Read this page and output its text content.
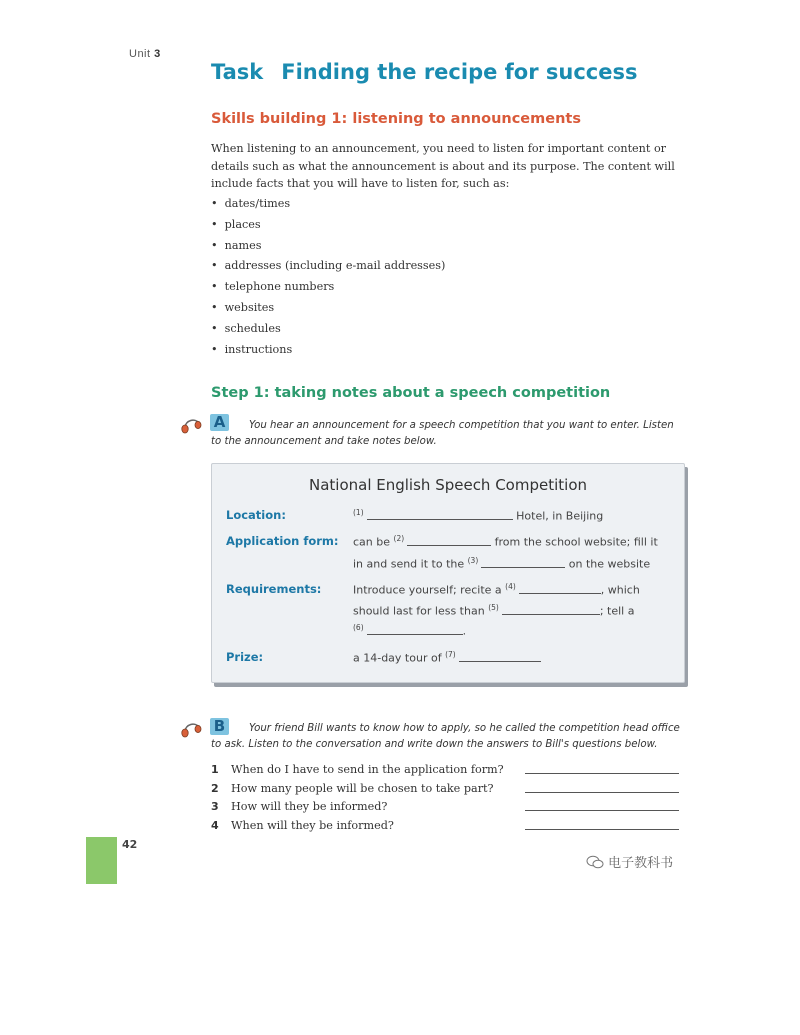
Unit 3
Task Finding the recipe for success
Skills building 1: listening to announcements
When listening to an announcement, you need to listen for important content or details such as what the announcement is about and its purpose. The content will include facts that you will have to listen for, such as:
• dates/times
• places
• names
• addresses (including e-mail addresses)
• telephone numbers
• websites
• schedules
• instructions
Step 1: taking notes about a speech competition
A	You hear an announcement for a speech competition that you want to enter. Listen to the announcement and take notes below.
National English Speech Competition
Location:	$^{(1)}$	Hotel, in Beijing
Application form: can be $^{(2)}$	from the school website; fill it
in and send it to the $^{(3)}$	on the website
Requirements:	Introduce yourself; recite a $^{(4)}$	, which
should last for less than $^{(5)}$	; tell a
$^{(6)}$	.
Prize:	a 14-day tour of $^{(7)}$
B	Your friend Bill wants to know how to apply, so he called the competition head office to ask. Listen to the conversation and write down the answers to Bill's questions below.
1 When do I have to send in the application form?
2 How many people will be chosen to take part?
3 How will they be informed?
4 When will they be informed?
42
电子教科书
